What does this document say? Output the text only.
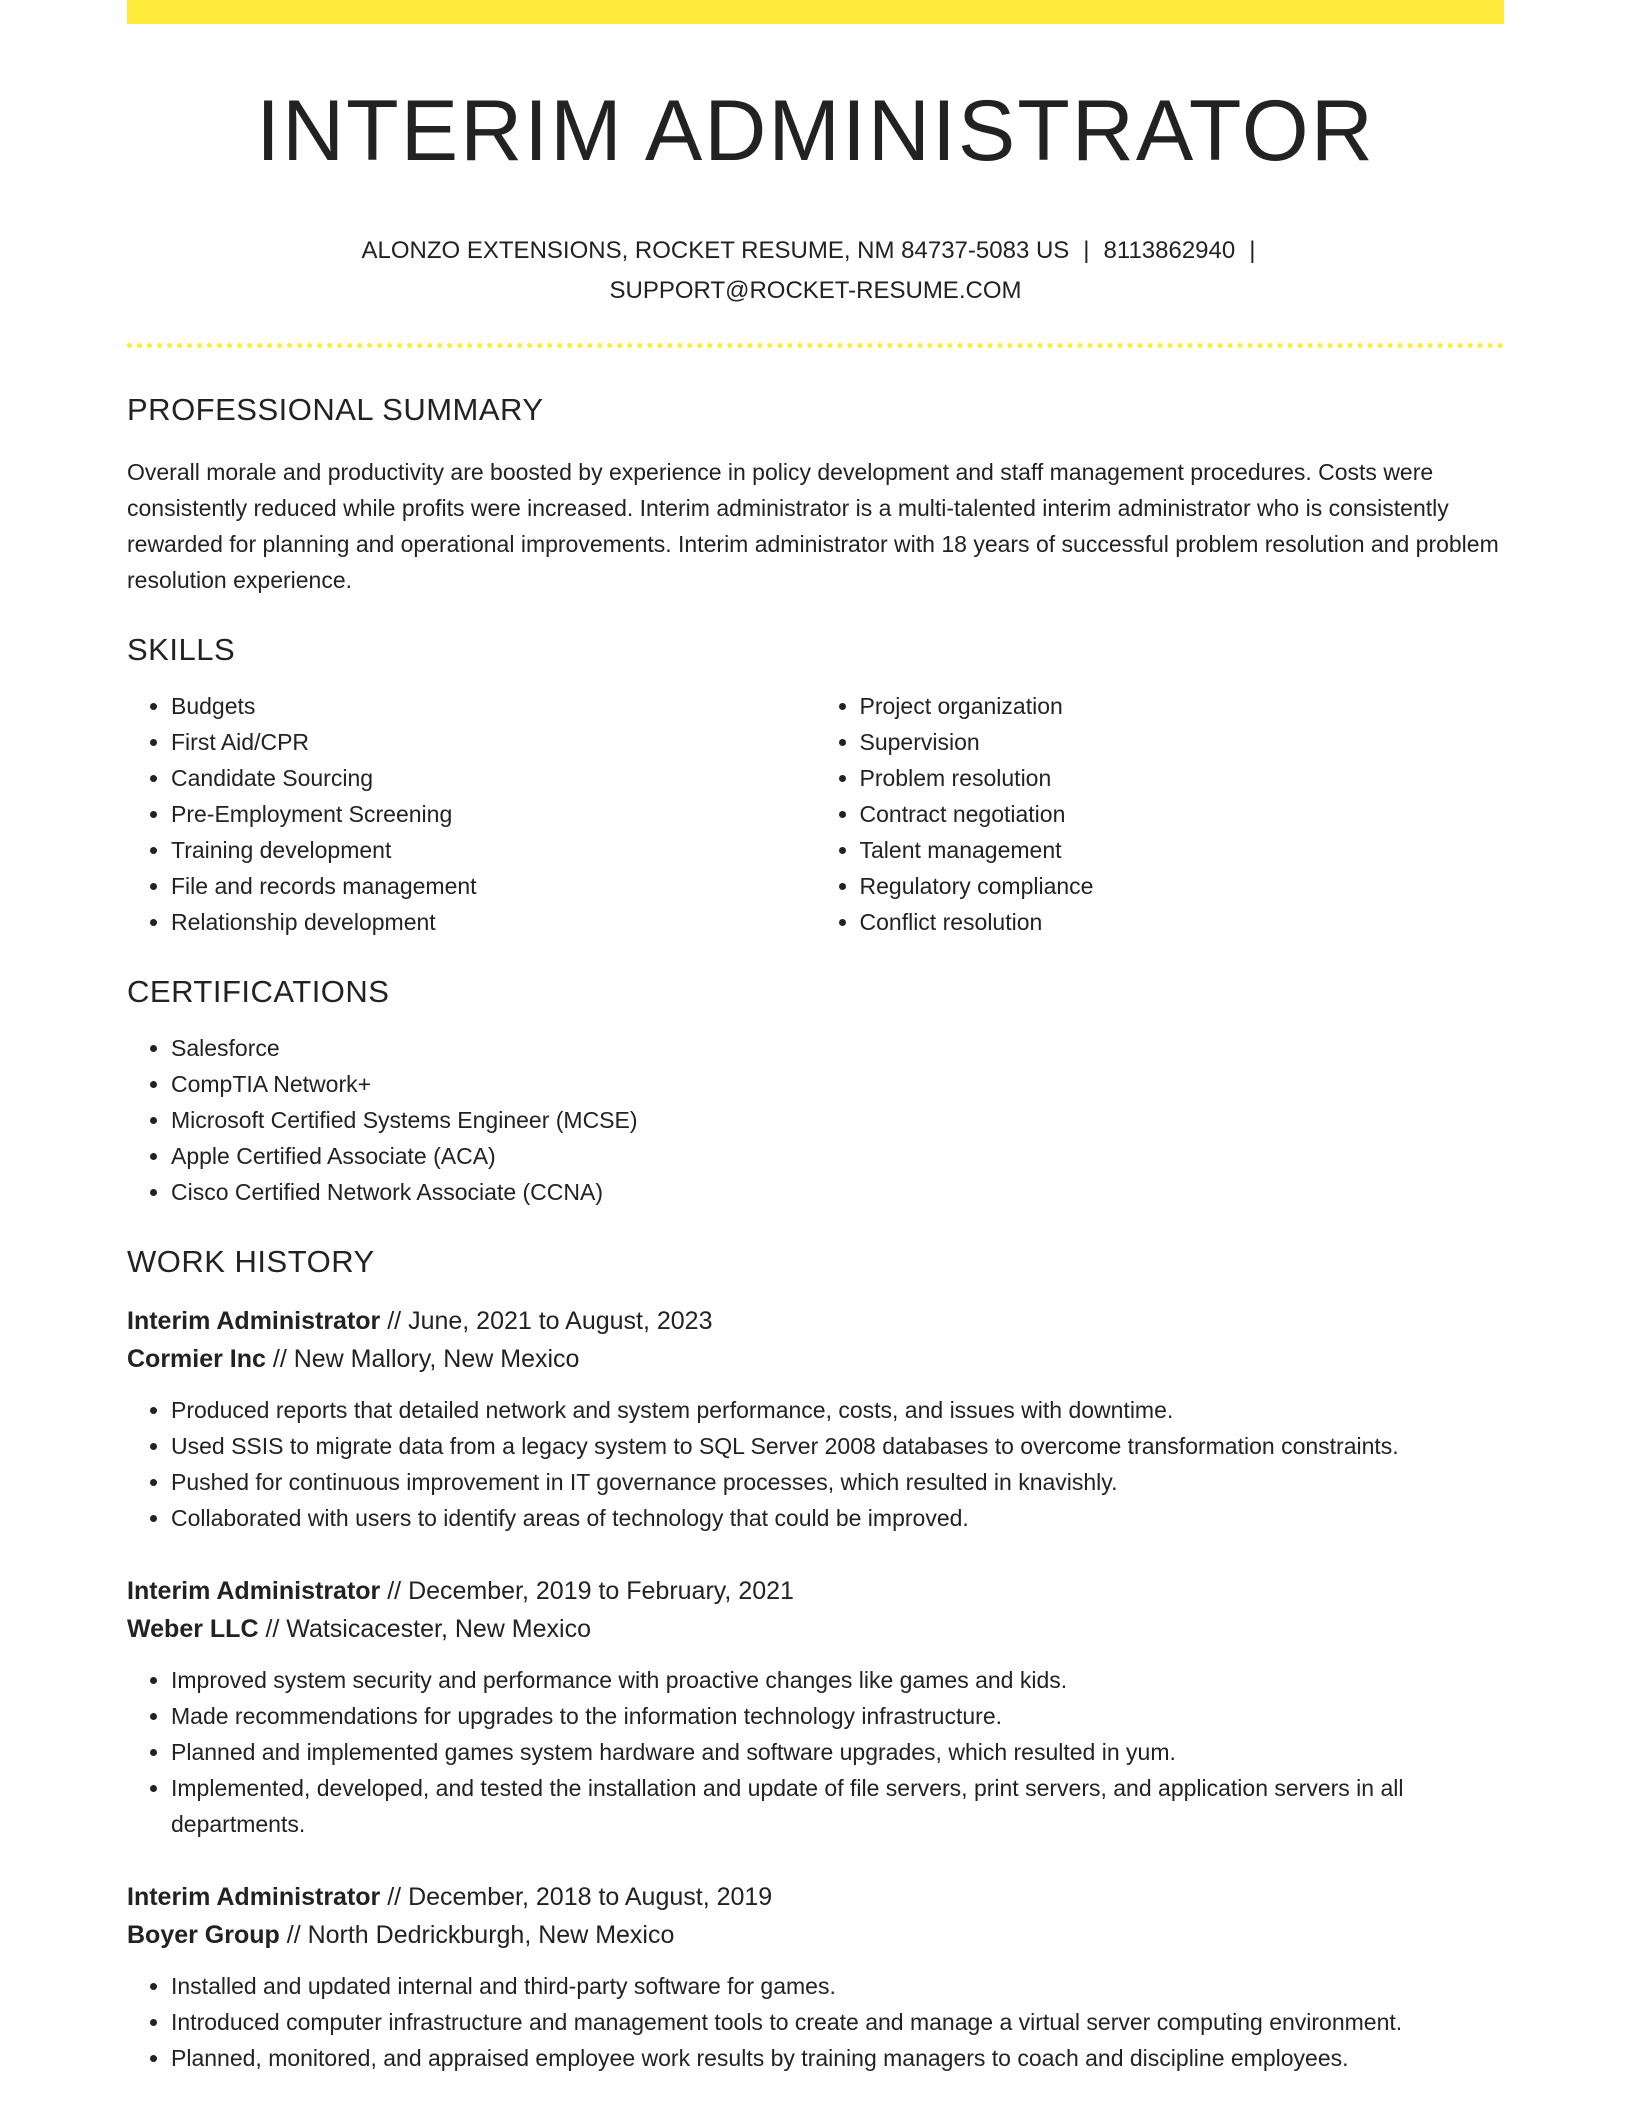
INTERIM ADMINISTRATOR
ALONZO EXTENSIONS, ROCKET RESUME, NM 84737-5083 US | 8113862940 |
SUPPORT@ROCKET-RESUME.COM
PROFESSIONAL SUMMARY

Overall morale and productivity are boosted by experience in policy development and staff management procedures. Costs were consistently reduced while profits were increased. Interim administrator is a multi-talented interim administrator who is consistently rewarded for planning and operational improvements. Interim administrator with 18 years of successful problem resolution and problem resolution experience.

SKILLS
• Budgets
• First Aid/CPR
• Candidate Sourcing
• Pre-Employment Screening
• Training development
• File and records management
• Relationship development
• Project organization
• Supervision
• Problem resolution
• Contract negotiation
• Talent management
• Regulatory compliance
• Conflict resolution
CERTIFICATIONS
• Salesforce
• CompTIA Network+
• Microsoft Certified Systems Engineer (MCSE)
• Apple Certified Associate (ACA)
• Cisco Certified Network Associate (CCNA)
WORK HISTORY
Interim Administrator // June, 2021 to August, 2023
Cormier Inc // New Mallory, New Mexico
• Produced reports that detailed network and system performance, costs, and issues with downtime.
• Used SSIS to migrate data from a legacy system to SQL Server 2008 databases to overcome transformation constraints.
• Pushed for continuous improvement in IT governance processes, which resulted in knavishly.
• Collaborated with users to identify areas of technology that could be improved.
Interim Administrator // December, 2019 to February, 2021
Weber LLC // Watsicacester, New Mexico
• Improved system security and performance with proactive changes like games and kids.
• Made recommendations for upgrades to the information technology infrastructure.
• Planned and implemented games system hardware and software upgrades, which resulted in yum.
• Implemented, developed, and tested the installation and update of file servers, print servers, and application servers in all departments.
Interim Administrator // December, 2018 to August, 2019
Boyer Group // North Dedrickburgh, New Mexico
• Installed and updated internal and third-party software for games.
• Introduced computer infrastructure and management tools to create and manage a virtual server computing environment.
• Planned, monitored, and appraised employee work results by training managers to coach and discipline employees.
